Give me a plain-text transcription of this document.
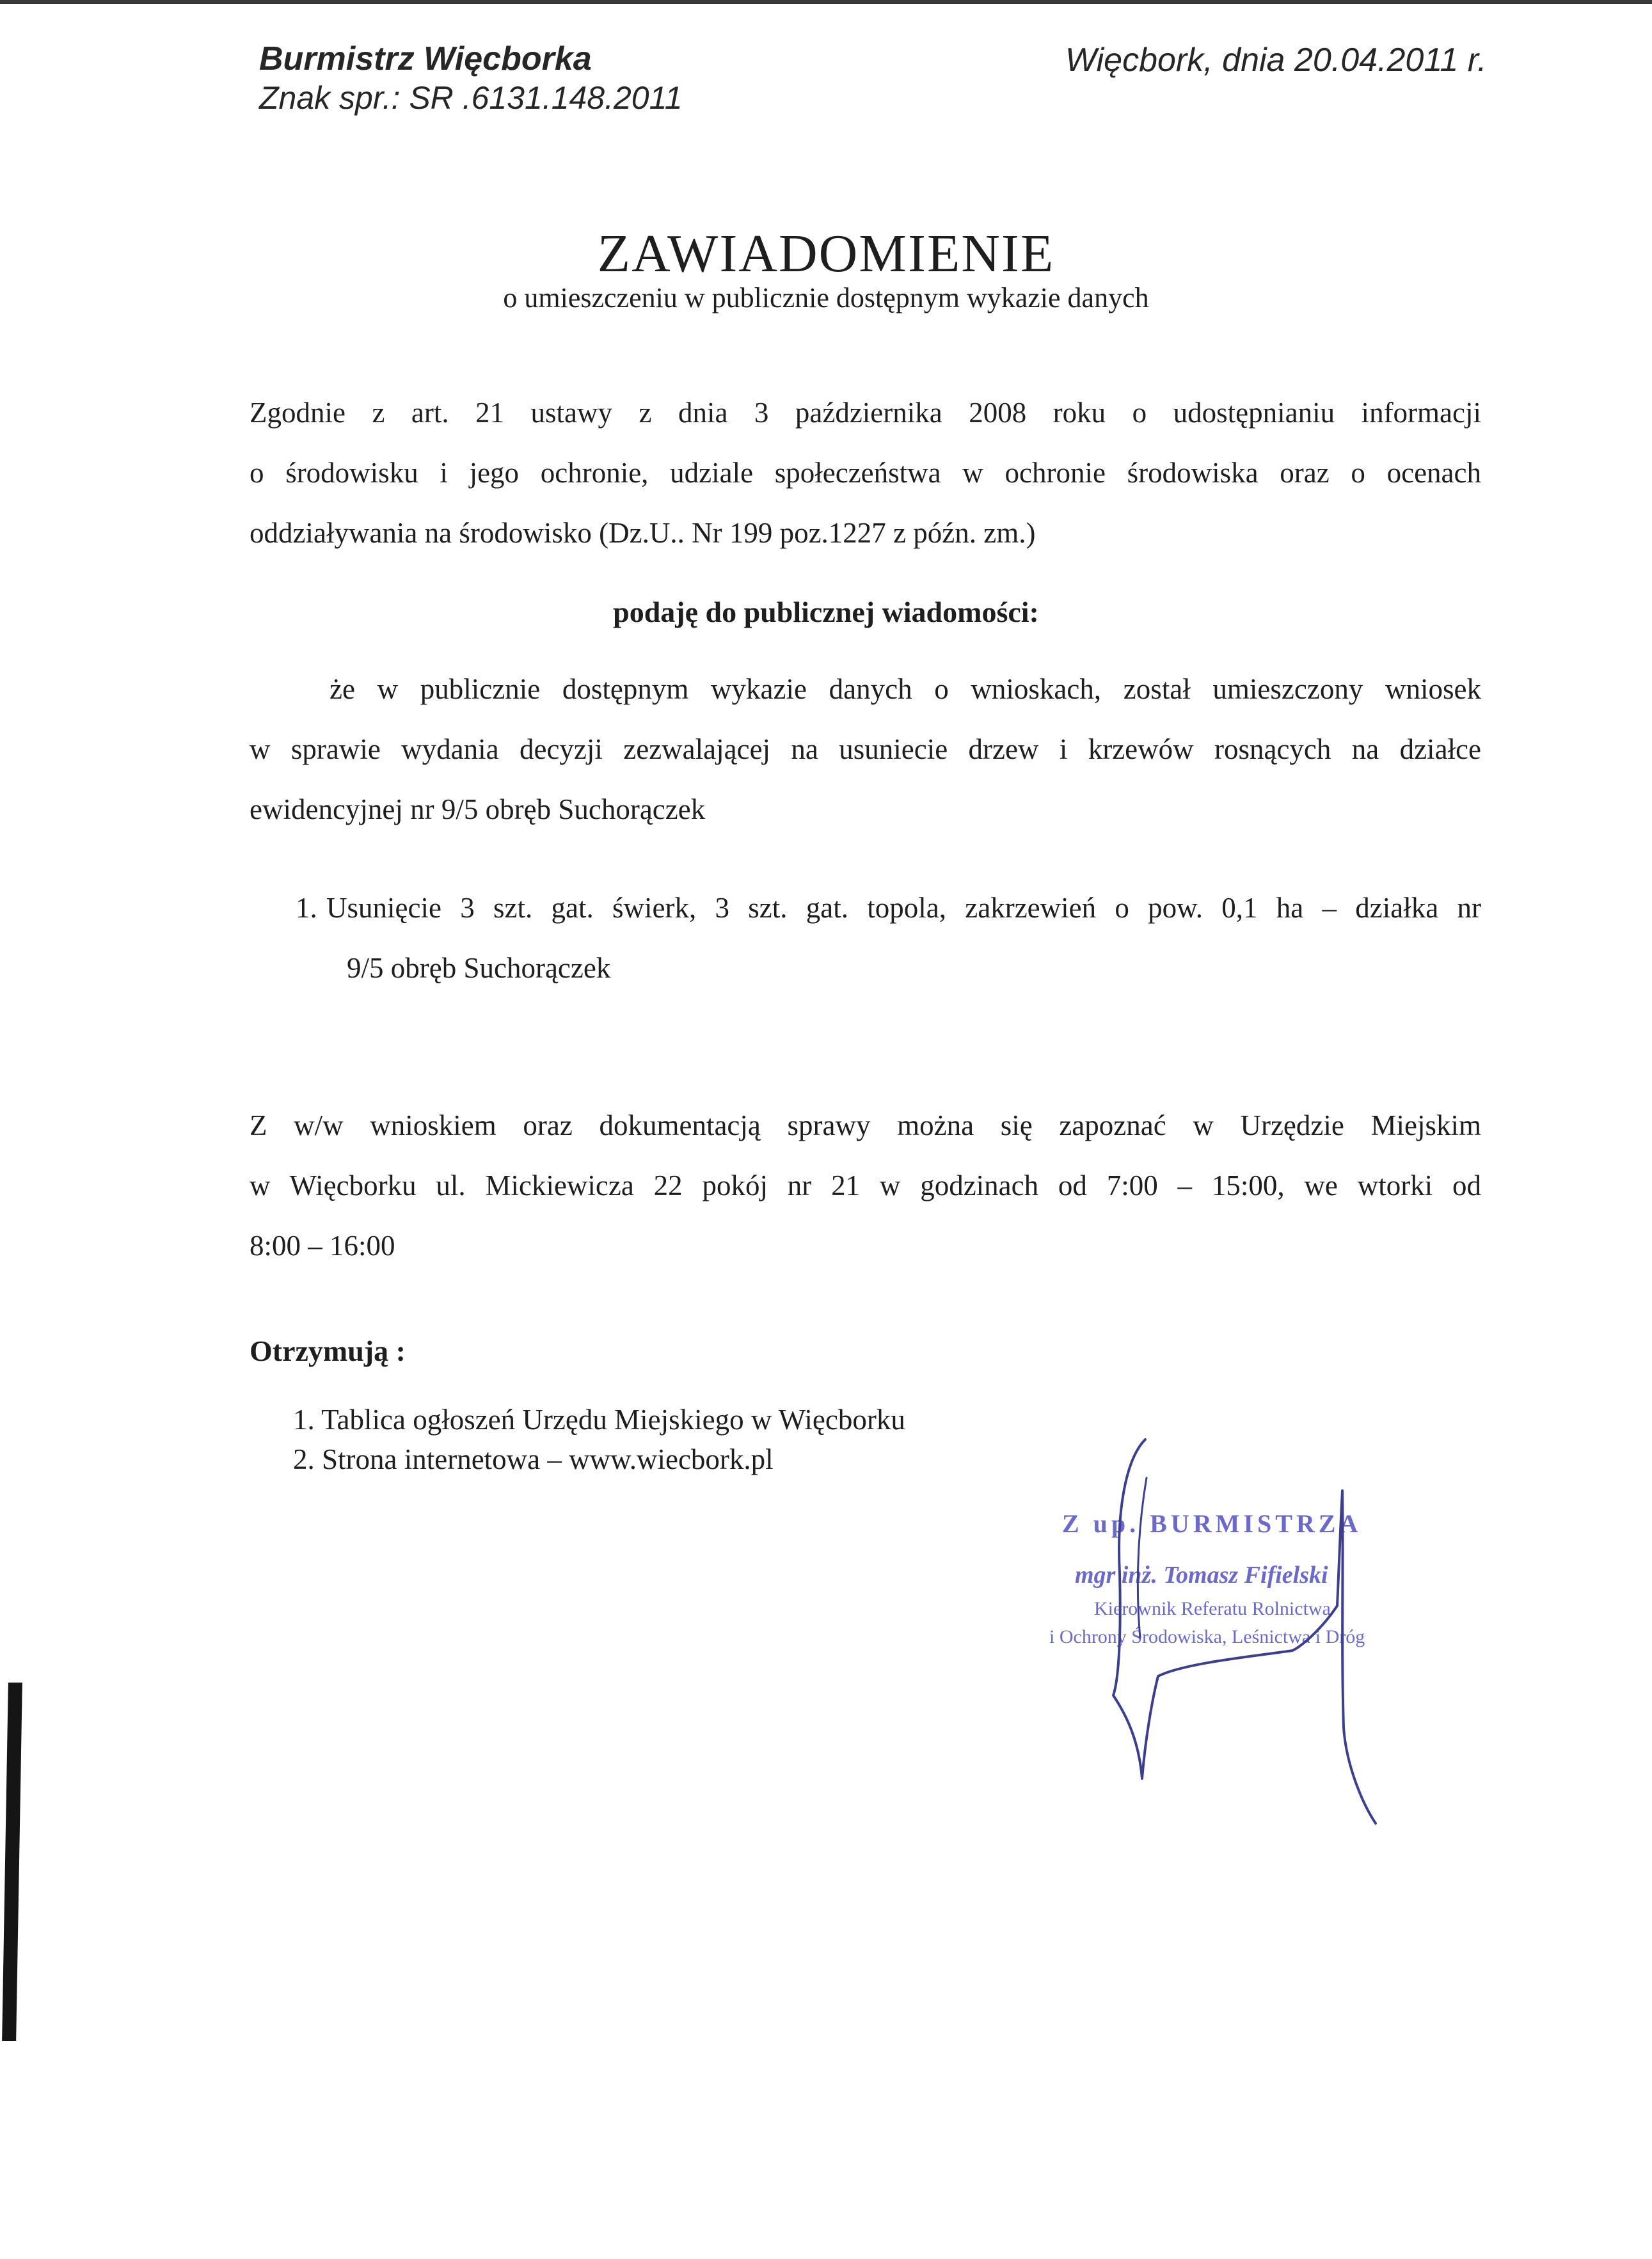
Burmistrz Więcborka
Znak spr.: SR .6131.148.2011
Więcbork, dnia 20.04.2011 r.
ZAWIADOMIENIE
o umieszczeniu w publicznie dostępnym wykazie danych
Zgodnie z art. 21 ustawy z dnia 3 października 2008 roku o udostępnianiu informacji
o środowisku i jego ochronie, udziale społeczeństwa w ochronie środowiska oraz o ocenach
oddziaływania na środowisko (Dz.U.. Nr 199 poz.1227 z późn. zm.)
podaję do publicznej wiadomości:
że w publicznie dostępnym wykazie danych o wnioskach, został umieszczony wniosek
w sprawie wydania decyzji zezwalającej na usuniecie drzew i krzewów rosnących na działce
ewidencyjnej nr 9/5 obręb Suchorączek
1. Usunięcie 3 szt. gat. świerk, 3 szt. gat. topola, zakrzewień o pow. 0,1 ha – działka nr
9/5 obręb Suchorączek
Z w/w wnioskiem oraz dokumentacją sprawy można się zapoznać w Urzędzie Miejskim
w Więcborku ul. Mickiewicza 22 pokój nr 21 w godzinach od 7:00 – 15:00, we wtorki od
8:00 – 16:00
Otrzymują :
1. Tablica ogłoszeń Urzędu Miejskiego w Więcborku
2. Strona internetowa – www.wiecbork.pl
Z up. BURMISTRZA
mgr inż. Tomasz Fifielski
Kierownik Referatu Rolnictwa
i Ochrony Środowiska, Leśnictwa i Dróg
